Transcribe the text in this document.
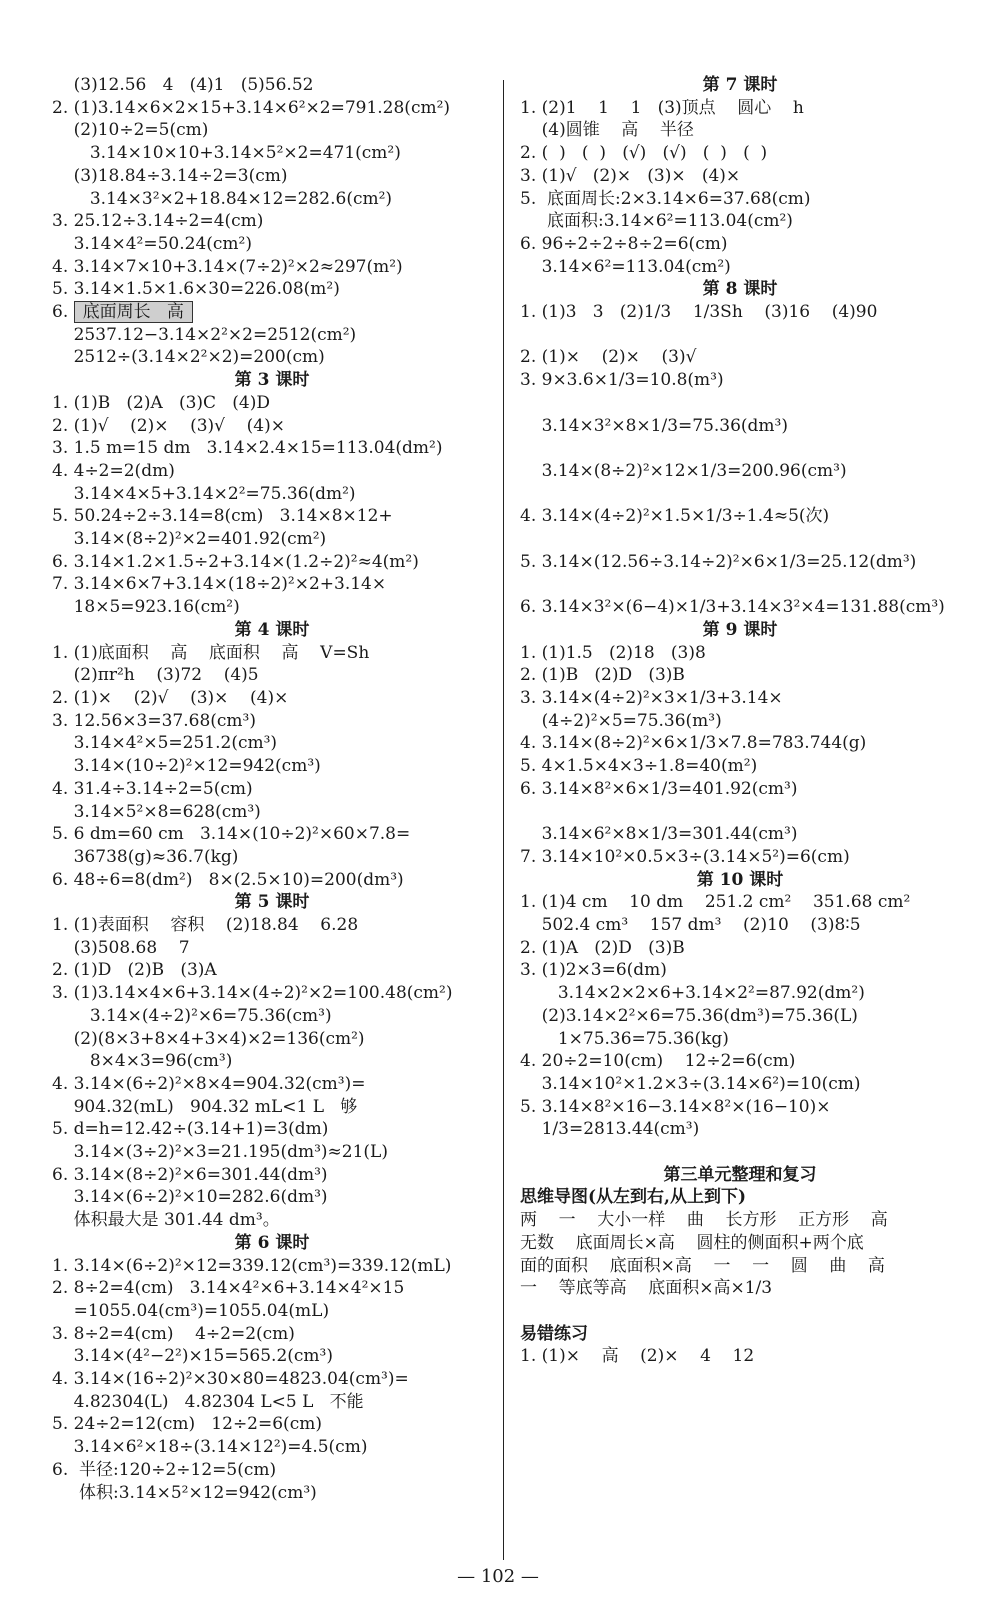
(3)12.56   4   (4)1   (5)56.52
2. (1)3.14×6×2×15+3.14×6²×2=791.28(cm²)
(2)10÷2=5(cm)
3.14×10×10+3.14×5²×2=471(cm²)
(3)18.84÷3.14÷2=3(cm)
3.14×3²×2+18.84×12=282.6(cm²)
3. 25.12÷3.14÷2=4(cm)
3.14×4²=50.24(cm²)
4. 3.14×7×10+3.14×(7÷2)²×2≈297(m²)
5. 3.14×1.5×1.6×30=226.08(m²)
6. 底面周长   高
2537.12−3.14×2²×2=2512(cm²)
2512÷(3.14×2²×2)=200(cm)
第 3 课时
1. (1)B   (2)A   (3)C   (4)D
2. (1)√    (2)×    (3)√    (4)×
3. 1.5 m=15 dm   3.14×2.4×15=113.04(dm²)
4. 4÷2=2(dm)
3.14×4×5+3.14×2²=75.36(dm²)
5. 50.24÷2÷3.14=8(cm)   3.14×8×12+
3.14×(8÷2)²×2=401.92(cm²)
6. 3.14×1.2×1.5÷2+3.14×(1.2÷2)²≈4(m²)
7. 3.14×6×7+3.14×(18÷2)²×2+3.14×
18×5=923.16(cm²)
第 4 课时
1. (1)底面积    高    底面积    高    V=Sh
(2)πr²h    (3)72    (4)5
2. (1)×    (2)√    (3)×    (4)×
3. 12.56×3=37.68(cm³)
3.14×4²×5=251.2(cm³)
3.14×(10÷2)²×12=942(cm³)
4. 31.4÷3.14÷2=5(cm)
3.14×5²×8=628(cm³)
5. 6 dm=60 cm   3.14×(10÷2)²×60×7.8=
36738(g)≈36.7(kg)
6. 48÷6=8(dm²)   8×(2.5×10)=200(dm³)
第 5 课时
1. (1)表面积    容积    (2)18.84    6.28
(3)508.68    7
2. (1)D   (2)B   (3)A
3. (1)3.14×4×6+3.14×(4÷2)²×2=100.48(cm²)
3.14×(4÷2)²×6=75.36(cm³)
(2)(8×3+8×4+3×4)×2=136(cm²)
8×4×3=96(cm³)
4. 3.14×(6÷2)²×8×4=904.32(cm³)=
904.32(mL)   904.32 mL<1 L   够
5. d=h=12.42÷(3.14+1)=3(dm)
3.14×(3÷2)²×3=21.195(dm³)≈21(L)
6. 3.14×(8÷2)²×6=301.44(dm³)
3.14×(6÷2)²×10=282.6(dm³)
体积最大是 301.44 dm³。
第 6 课时
1. 3.14×(6÷2)²×12=339.12(cm³)=339.12(mL)
2. 8÷2=4(cm)   3.14×4²×6+3.14×4²×15
=1055.04(cm³)=1055.04(mL)
3. 8÷2=4(cm)    4÷2=2(cm)
3.14×(4²−2²)×15=565.2(cm³)
4. 3.14×(16÷2)²×30×80=4823.04(cm³)=
4.82304(L)   4.82304 L<5 L   不能
5. 24÷2=12(cm)   12÷2=6(cm)
3.14×6²×18÷(3.14×12²)=4.5(cm)
6.  半径:120÷2÷12=5(cm)
体积:3.14×5²×12=942(cm³)
第 7 课时
1. (2)1    1    1   (3)顶点    圆心    h
(4)圆锥    高    半径
2. (  )   (  )   (√)   (√)   (  )   (  )
3. (1)√   (2)×   (3)×   (4)×
5.  底面周长:2×3.14×6=37.68(cm)
底面积:3.14×6²=113.04(cm²)
6. 96÷2÷2÷8÷2=6(cm)
3.14×6²=113.04(cm²)
第 8 课时
1. (1)3   3   (2)1/3    1/3Sh    (3)16    (4)90

2. (1)×    (2)×    (3)√
3. 9×3.6×1/3=10.8(m³)

3.14×3²×8×1/3=75.36(dm³)

3.14×(8÷2)²×12×1/3=200.96(cm³)

4. 3.14×(4÷2)²×1.5×1/3÷1.4≈5(次)

5. 3.14×(12.56÷3.14÷2)²×6×1/3=25.12(dm³)

6. 3.14×3²×(6−4)×1/3+3.14×3²×4=131.88(cm³)
第 9 课时
1. (1)1.5   (2)18   (3)8
2. (1)B   (2)D   (3)B
3. 3.14×(4÷2)²×3×1/3+3.14×
(4÷2)²×5=75.36(m³)
4. 3.14×(8÷2)²×6×1/3×7.8=783.744(g)
5. 4×1.5×4×3÷1.8=40(m²)
6. 3.14×8²×6×1/3=401.92(cm³)

3.14×6²×8×1/3=301.44(cm³)
7. 3.14×10²×0.5×3÷(3.14×5²)=6(cm)
第 10 课时
1. (1)4 cm    10 dm    251.2 cm²    351.68 cm²
502.4 cm³    157 dm³    (2)10    (3)8∶5
2. (1)A   (2)D   (3)B
3. (1)2×3=6(dm)
3.14×2×2×6+3.14×2²=87.92(dm²)
(2)3.14×2²×6=75.36(dm³)=75.36(L)
1×75.36=75.36(kg)
4. 20÷2=10(cm)    12÷2=6(cm)
3.14×10²×1.2×3÷(3.14×6²)=10(cm)
5. 3.14×8²×16−3.14×8²×(16−10)×
1/3=2813.44(cm³)

第三单元整理和复习
思维导图(从左到右,从上到下)
两    一    大小一样    曲    长方形    正方形    高
无数    底面周长×高    圆柱的侧面积+两个底
面的面积    底面积×高    一    一    圆    曲    高
一    等底等高    底面积×高×1/3

易错练习
1. (1)×    高    (2)×    4    12
— 102 —
